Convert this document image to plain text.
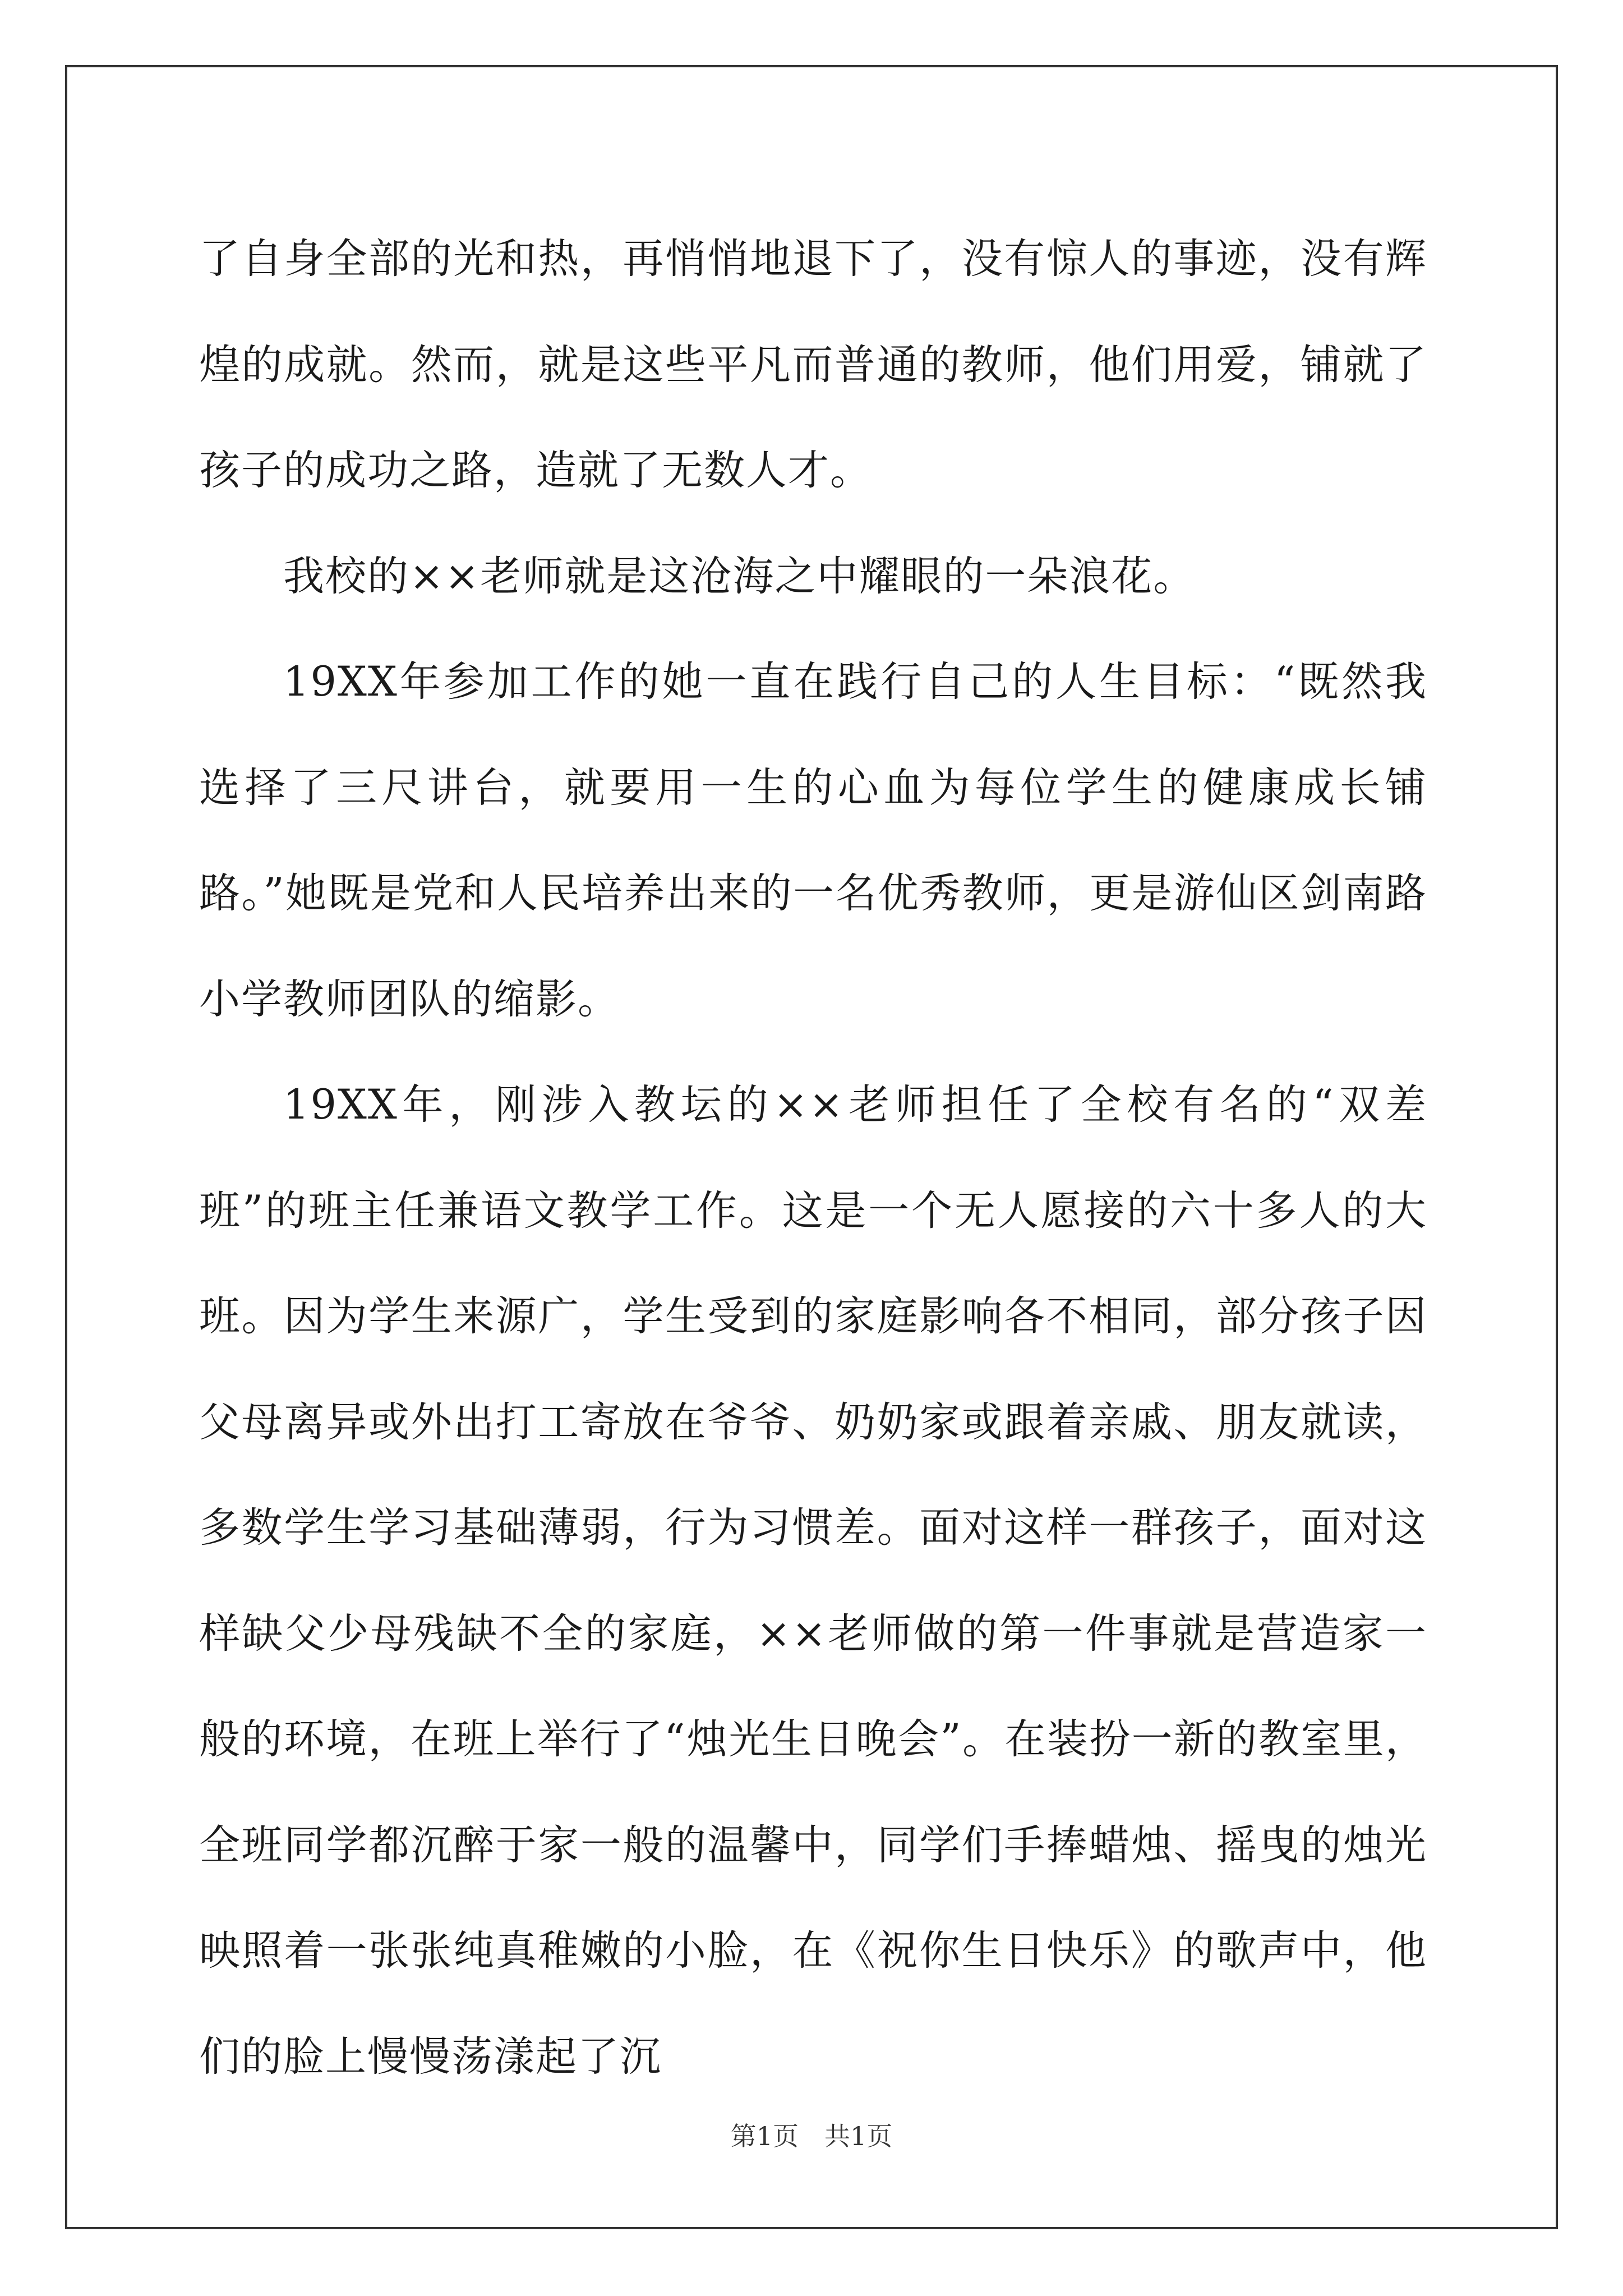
了自身全部的光和热，再悄悄地退下了，没有惊人的事迹，没有辉煌的成就。然而，就是这些平凡而普通的教师，他们用爱，铺就了孩子的成功之路，造就了无数人才。

我校的××老师就是这沧海之中耀眼的一朵浪花。

19XX年参加工作的她一直在践行自己的人生目标：“既然我选择了三尺讲台，就要用一生的心血为每位学生的健康成长铺路。”她既是党和人民培养出来的一名优秀教师，更是游仙区剑南路小学教师团队的缩影。

19XX年，刚涉入教坛的××老师担任了全校有名的“双差班”的班主任兼语文教学工作。这是一个无人愿接的六十多人的大班。因为学生来源广，学生受到的家庭影响各不相同，部分孩子因父母离异或外出打工寄放在爷爷、奶奶家或跟着亲戚、朋友就读，多数学生学习基础薄弱，行为习惯差。面对这样一群孩子，面对这样缺父少母残缺不全的家庭，××老师做的第一件事就是营造家一般的环境，在班上举行了“烛光生日晚会”。在装扮一新的教室里，全班同学都沉醉于家一般的温馨中，同学们手捧蜡烛、摇曳的烛光映照着一张张纯真稚嫩的小脸，在《祝你生日快乐》的歌声中，他们的脸上慢慢荡漾起了沉

第1页　共1页
